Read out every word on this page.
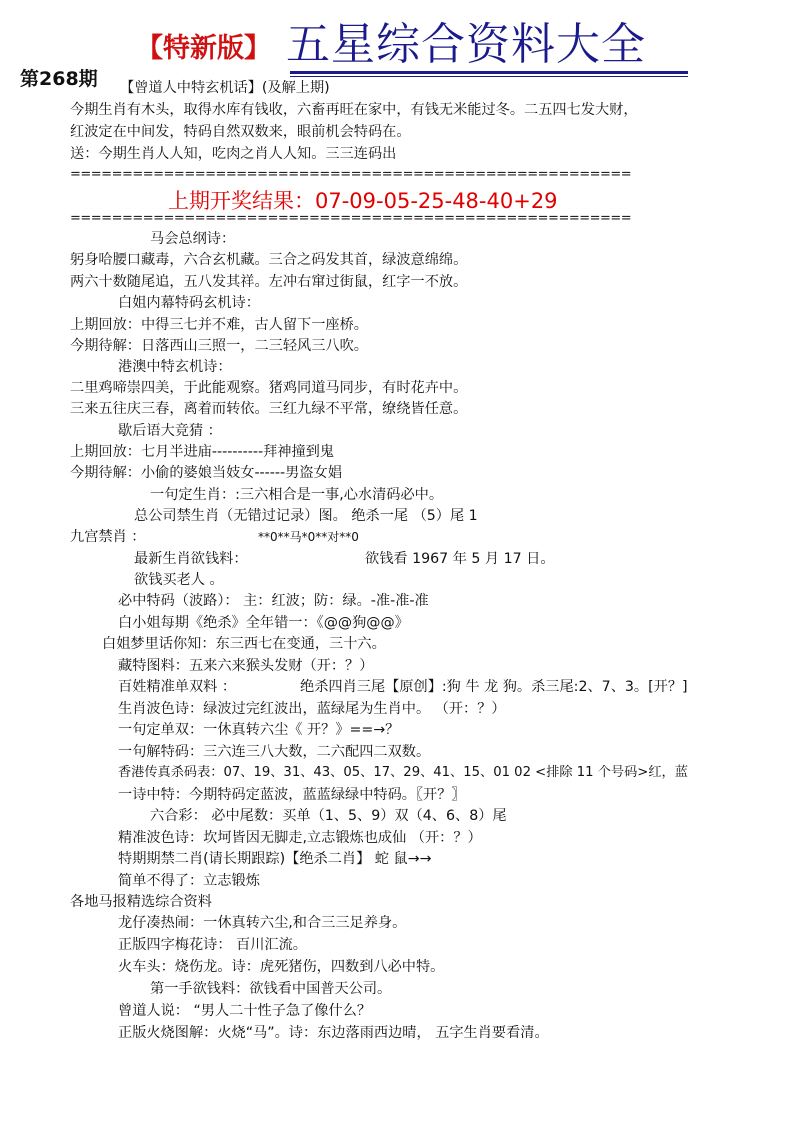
【特新版】 五星综合资料大全
第268期 【曾道人中特玄机话】(及解上期)
今期生肖有木头，取得水库有钱收，六畜再旺在家中，有钱无米能过冬。二五四七发大财，
红波定在中间发，特码自然双数来，眼前机会特码在。
送：今期生肖人人知，吃肉之肖人人知。三三连码出
======================================================
上期开奖结果：07-09-05-25-48-40+29
======================================================
马会总纲诗：
躬身哈腰口藏毒，六合玄机藏。三合之码发其首，绿波意绵绵。
两六十数随尾追，五八发其祥。左冲右窜过街鼠，红字一不放。
白姐内幕特码玄机诗：
上期回放：中得三七并不难，古人留下一座桥。
今期待解：日落西山三照一，二三轻风三八吹。
港澳中特玄机诗：
二里鸡啼崇四美，于此能观察。猪鸡同道马同步，有时花卉中。
三来五往庆三春，离着而转依。三红九绿不平常，缭绕皆任意。
歇后语大竞猜 ：
上期回放：七月半进庙----------拜神撞到鬼
今期待解：小偷的婆娘当妓女------男盗女娼
一句定生肖：:三六相合是一事,心水清码必中。
总公司禁生肖（无错过记录）图。 绝杀一尾 （5）尾 1
九宫禁肖 ：	**0**马*0**对**0
最新生肖欲钱料：	欲钱看 1967 年 5 月 17 日。
欲钱买老人 。
必中特码（波路）： 主：红波；防：绿。-准-准-准
白小姐每期《绝杀》全年错一：《@@狗@@》
白姐梦里话你知：东三西七在变通，三十六。
藏特图料：五来六来猴头发财（开：？）
百姓精准单双料 ：	绝杀四肖三尾【原创】:狗 牛 龙 狗。杀三尾:2、7、3。[开？]
生肖波色诗：绿波过完红波出，蓝绿尾为生肖中。 （开：？）
一句定单双：一休真转六尘《 开？》==→？
一句解特码：三六连三八大数，二六配四二双数。
香港传真杀码表：07、19、31、43、05、17、29、41、15、01 02 <排除 11 个号码>红，蓝
一诗中特：今期特码定蓝波，蓝蓝绿绿中特码。〖开？〗
六合彩： 必中尾数：买单（1、5、9）双（4、6、8）尾
精准波色诗：坎坷皆因无脚走,立志锻炼也成仙 （开：？）
特期期禁二肖(请长期跟踪)【绝杀二肖】 蛇 鼠→→
简单不得了：立志锻炼
各地马报精选综合资料
龙仔凑热闹：一休真转六尘,和合三三足养身。
正版四字梅花诗： 百川汇流。
火车头：烧伤龙。诗：虎死猪伤，四数到八必中特。
第一手欲钱料：欲钱看中国普天公司。
曾道人说： “男人二十性子急了像什么？
正版火烧图解：火烧“马”。诗：东边落雨西边晴， 五字生肖要看清。
